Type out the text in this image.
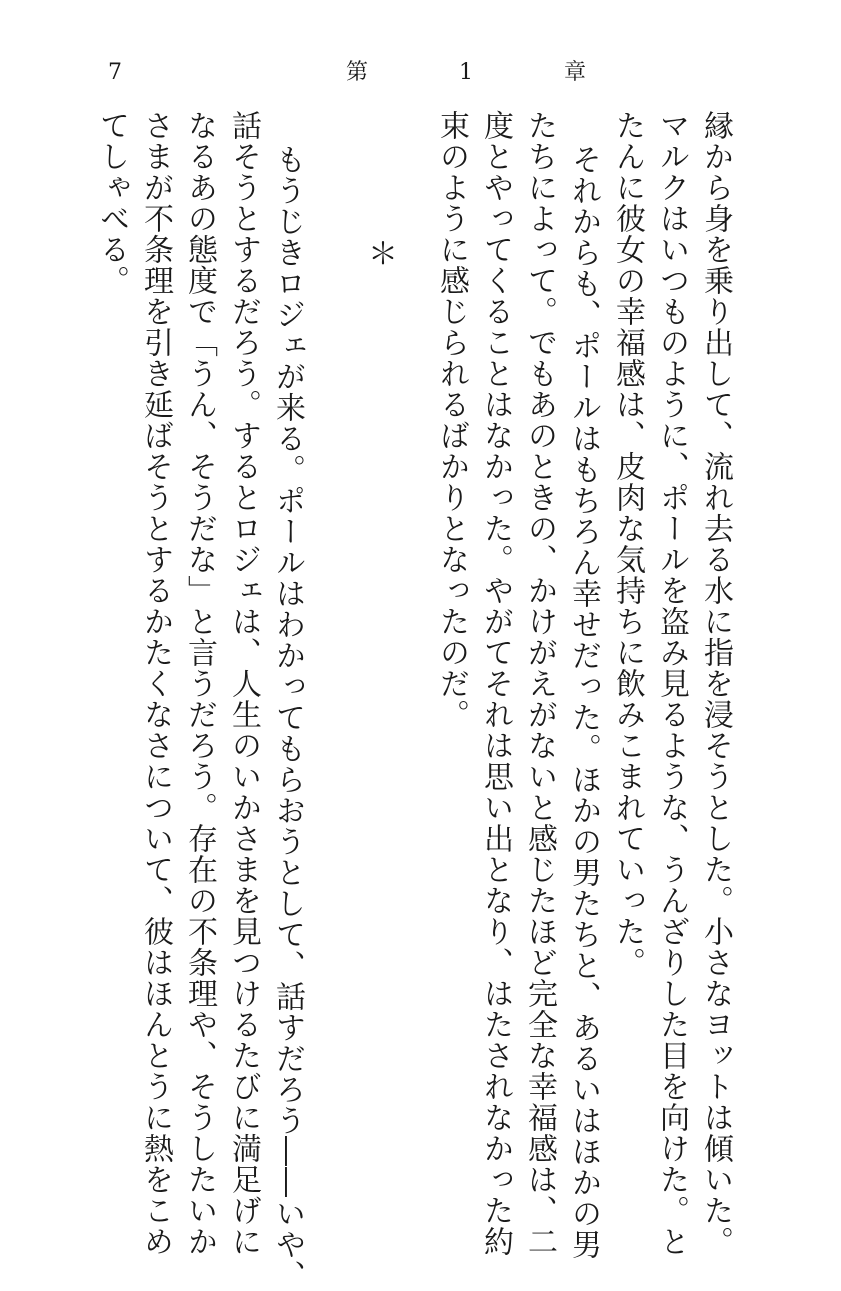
7	第 1 章
縁から身を乗り出して、流れ去る水に指を浸そうとした。小さなヨットは傾いた。
マルクはいつものように、ポールを盗み見るような、うんざりした目を向けた。と
たんに彼女の幸福感は、皮肉な気持ちに飲みこまれていった。
それからも、ポールはもちろん幸せだった。ほかの男たちと、あるいはほかの男
たちによって。でもあのときの、かけがえがないと感じたほど完全な幸福感は、二
度とやってくることはなかった。やがてそれは思い出となり、はたされなかった約
束のように感じられるばかりとなったのだ。
＊
もうじきロジェが来る。ポールはわかってもらおうとして、話すだろう――いや、
話そうとするだろう。するとロジェは、人生のいかさまを見つけるたびに満足げに
なるあの態度で「うん、そうだな」と言うだろう。存在の不条理や、そうしたいか
さまが不条理を引き延ばそうとするかたくなさについて、彼はほんとうに熱をこめ
てしゃべる。
